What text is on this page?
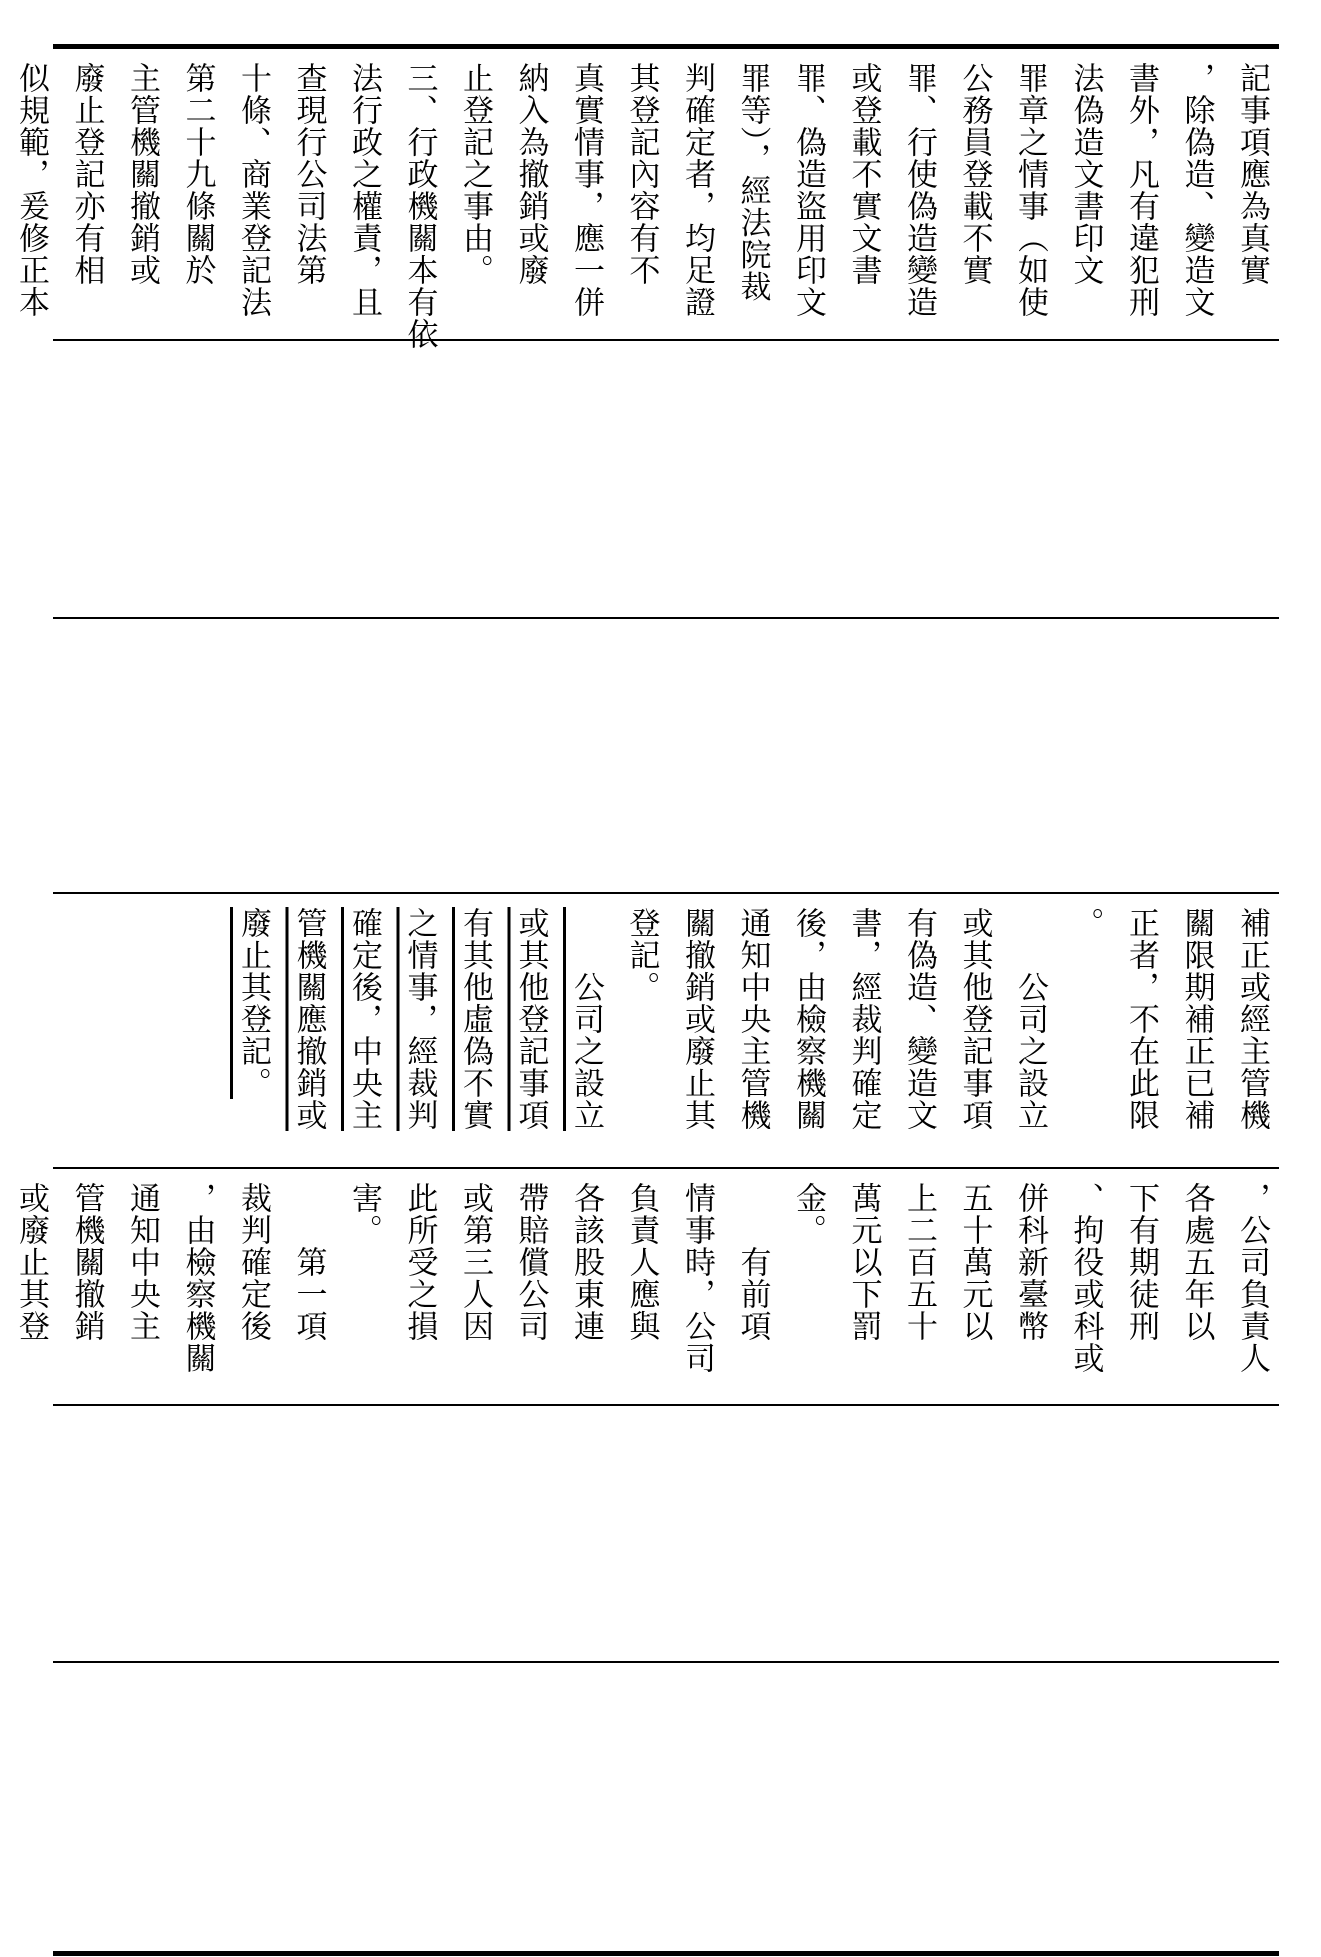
記事項應為真實
，除偽造、變造文
書外，凡有違犯刑
法偽造文書印文
罪章之情事（如使
公務員登載不實
罪、行使偽造變造
或登載不實文書
罪、偽造盜用印文
罪等），經法院裁
判確定者，均足證
其登記內容有不
真實情事，應一併
納入為撤銷或廢
止登記之事由。
三、行政機關本有依
法行政之權責，且
查現行公司法第
十條、商業登記法
第二十九條關於
主管機關撤銷或
廢止登記亦有相
似規範，爰修正本
補正或經主管機
關限期補正已補
正者，不在此限
。
　　公司之設立
或其他登記事項
有偽造、變造文
書，經裁判確定
後，由檢察機關
通知中央主管機
關撤銷或廢止其
登記。
　　公司之設立
或其他登記事項
有其他虛偽不實
之情事，經裁判
確定後，中央主
管機關應撤銷或
廢止其登記。
，公司負責人
各處五年以
下有期徒刑
、拘役或科或
併科新臺幣
五十萬元以
上二百五十
萬元以下罰
金。
　　有前項
情事時，公司
負責人應與
各該股東連
帶賠償公司
或第三人因
此所受之損
害。
　　第一項
裁判確定後
，由檢察機關
通知中央主
管機關撤銷
或廢止其登
